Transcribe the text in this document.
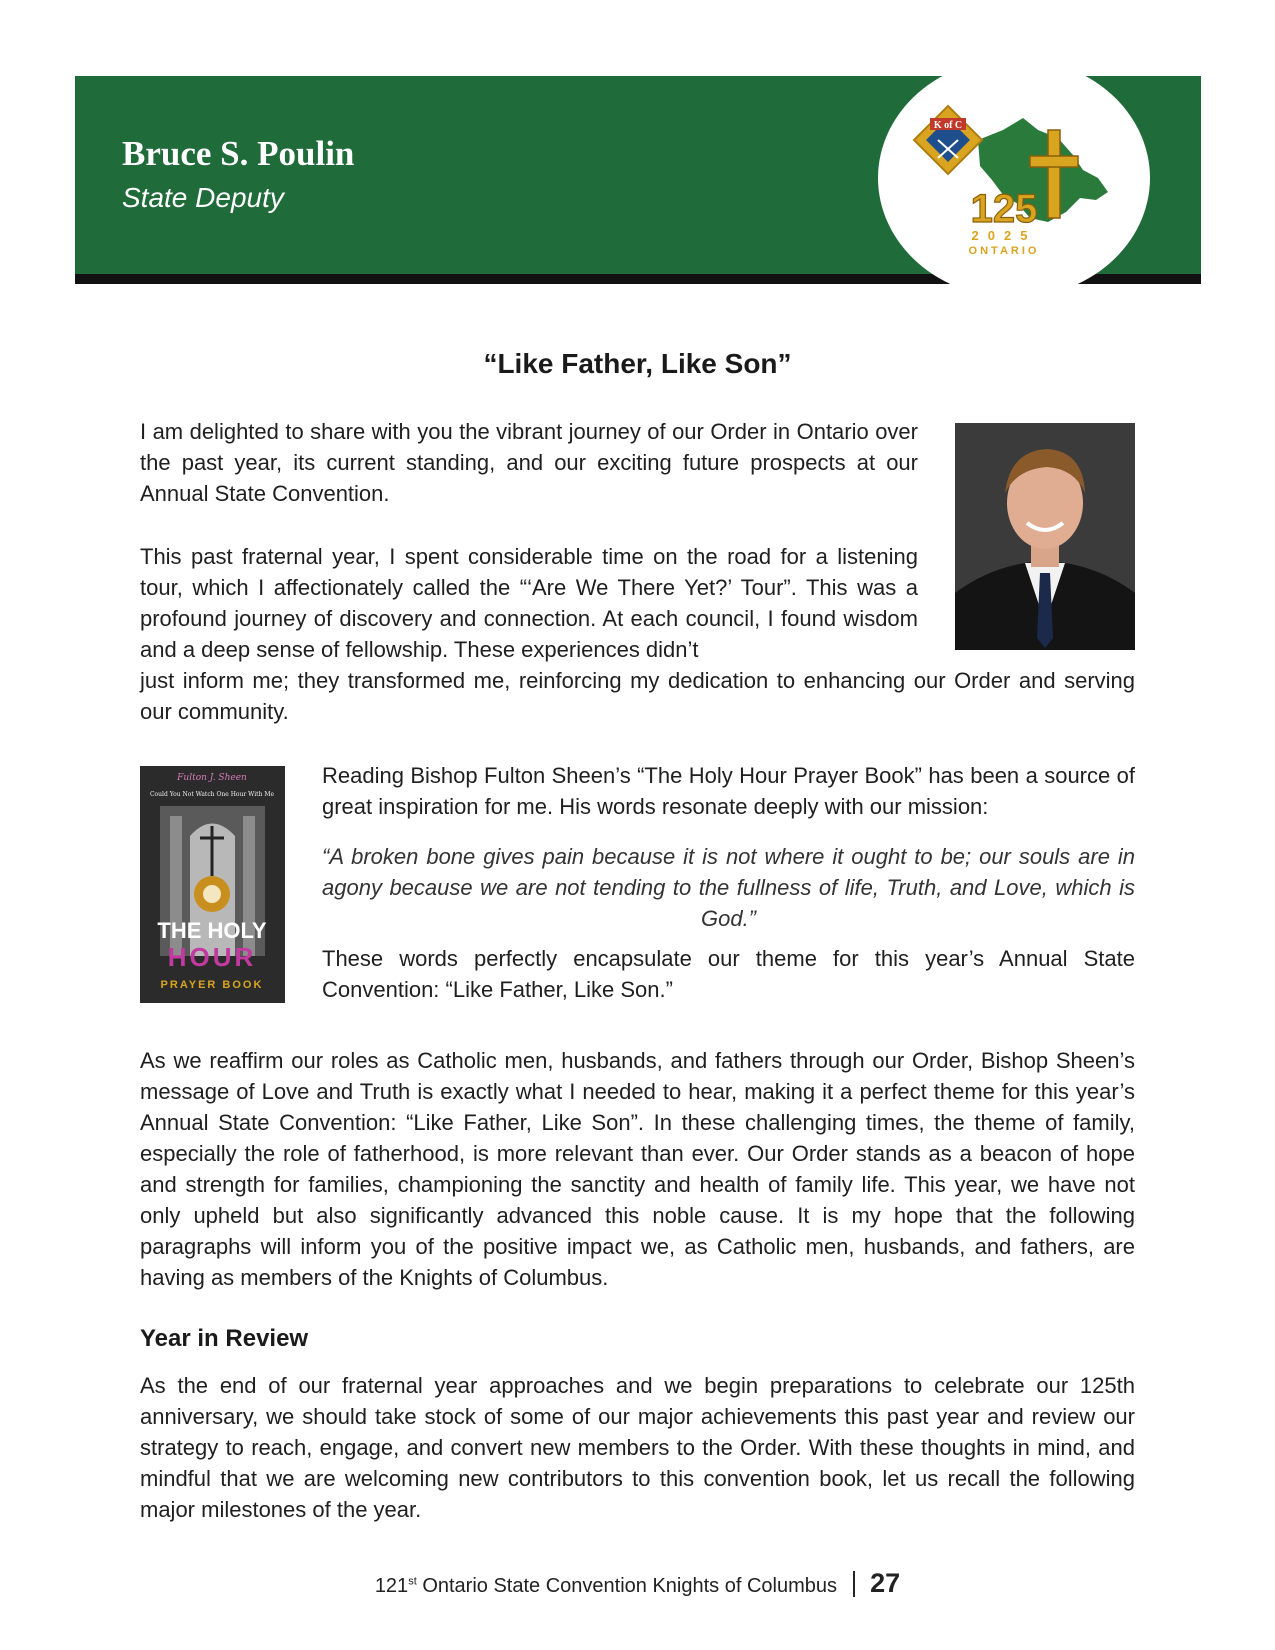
Bruce S. Poulin
State Deputy
K of C
125
2025
ONTARIO
“Like Father, Like Son”

I am delighted to share with you the vibrant journey of our Order in Ontario over the past year, its current standing, and our exciting future prospects at our Annual State Convention.

This past fraternal year, I spent considerable time on the road for a listening tour, which I affectionately called the “‘Are We There Yet?’ Tour”. This was a profound journey of discovery and connection. At each council, I found wisdom and a deep sense of fellowship. These experiences didn’t

just inform me; they transformed me, reinforcing my dedication to enhancing our Order and serving our community.

Fulton J. Sheen
Could You Not Watch One Hour With Me
THE HOLY
HOUR
PRAYER BOOK

Reading Bishop Fulton Sheen’s “The Holy Hour Prayer Book” has been a source of great inspiration for me. His words resonate deeply with our mission:

“A broken bone gives pain because it is not where it ought to be; our souls are in agony because we are not tending to the fullness of life, Truth, and Love, which is God.”

These words perfectly encapsulate our theme for this year’s Annual State Convention: “Like Father, Like Son.”

As we reaffirm our roles as Catholic men, husbands, and fathers through our Order, Bishop Sheen’s message of Love and Truth is exactly what I needed to hear, making it a perfect theme for this year’s Annual State Convention: “Like Father, Like Son”. In these challenging times, the theme of family, especially the role of fatherhood, is more relevant than ever. Our Order stands as a beacon of hope and strength for families, championing the sanctity and health of family life. This year, we have not only upheld but also significantly advanced this noble cause. It is my hope that the following paragraphs will inform you of the positive impact we, as Catholic men, husbands, and fathers, are having as members of the Knights of Columbus.

Year in Review

As the end of our fraternal year approaches and we begin preparations to celebrate our 125th anniversary, we should take stock of some of our major achievements this past year and review our strategy to reach, engage, and convert new members to the Order. With these thoughts in mind, and mindful that we are welcoming new contributors to this convention book, let us recall the following major milestones of the year.

121st Ontario State Convention Knights of Columbus 27
